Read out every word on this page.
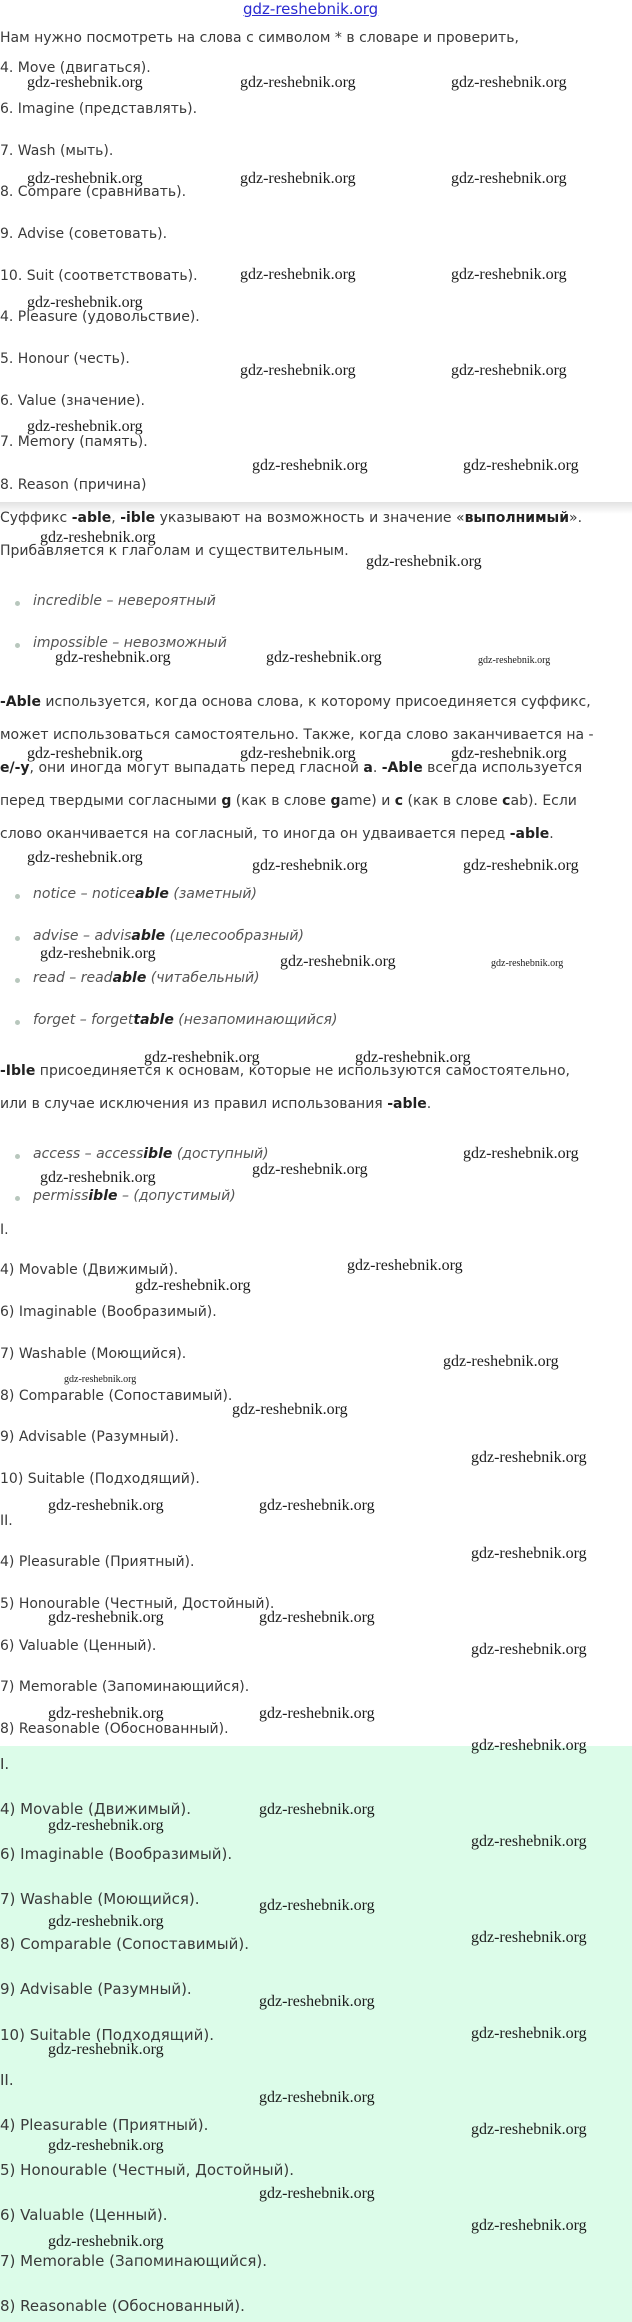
gdz-reshebnik.org
Нам нужно посмотреть на слова с символом * в словаре и проверить,
4. Move (двигаться).
6. Imagine (представлять).
7. Wash (мыть).
8. Compare (сравнивать).
9. Advise (советовать).
10. Suit (соответствовать).
4. Pleasure (удовольствие).
5. Honour (честь).
6. Value (значение).
7. Memory (память).
8. Reason (причина)
Суффикс -able, -ible указывают на возможность и значение «выполнимый».
Прибавляется к глаголам и существительным.
incredible – невероятный
impossible – невозможный
-Able используется, когда основа слова, к которому присоединяется суффикс,
может использоваться самостоятельно. Также, когда слово заканчивается на -
e/-y, они иногда могут выпадать перед гласной a. -Able всегда используется
перед твердыми согласными g (как в слове game) и c (как в слове cab). Если
слово оканчивается на согласный, то иногда он удваивается перед -able.
notice – noticeable (заметный)
advise – advisable (целесообразный)
read – readable (читабельный)
forget – forgettable (незапоминающийся)
-Ible присоединяется к основам, которые не используются самостоятельно,
или в случае исключения из правил использования -able.
access – accessible (доступный)
permissible – (допустимый)
I.
4) Movable (Движимый).
6) Imaginable (Вообразимый).
7) Washable (Моющийся).
8) Comparable (Сопоставимый).
9) Advisable (Разумный).
10) Suitable (Подходящий).
II.
4) Pleasurable (Приятный).
5) Honourable (Честный, Достойный).
6) Valuable (Ценный).
7) Memorable (Запоминающийся).
8) Reasonable (Обоснованный).
I.
4) Movable (Движимый).
6) Imaginable (Вообразимый).
7) Washable (Моющийся).
8) Comparable (Сопоставимый).
9) Advisable (Разумный).
10) Suitable (Подходящий).
II.
4) Pleasurable (Приятный).
5) Honourable (Честный, Достойный).
6) Valuable (Ценный).
7) Memorable (Запоминающийся).
8) Reasonable (Обоснованный).
gdz-reshebnik.org	gdz-reshebnik.org	gdz-reshebnik.org
gdz-reshebnik.org	gdz-reshebnik.org	gdz-reshebnik.org
gdz-reshebnik.org	gdz-reshebnik.org
gdz-reshebnik.org
gdz-reshebnik.org	gdz-reshebnik.org
gdz-reshebnik.org
gdz-reshebnik.org	gdz-reshebnik.org
gdz-reshebnik.org
gdz-reshebnik.org
gdz-reshebnik.org	gdz-reshebnik.org	gdz-reshebnik.org
gdz-reshebnik.org	gdz-reshebnik.org	gdz-reshebnik.org
gdz-reshebnik.org	gdz-reshebnik.org	gdz-reshebnik.org
gdz-reshebnik.org	gdz-reshebnik.org	gdz-reshebnik.org
gdz-reshebnik.org	gdz-reshebnik.org
gdz-reshebnik.org
gdz-reshebnik.org	gdz-reshebnik.org
gdz-reshebnik.org
gdz-reshebnik.org
gdz-reshebnik.org
gdz-reshebnik.org
gdz-reshebnik.org
gdz-reshebnik.org
gdz-reshebnik.org	gdz-reshebnik.org
gdz-reshebnik.org
gdz-reshebnik.org	gdz-reshebnik.org
gdz-reshebnik.org
gdz-reshebnik.org	gdz-reshebnik.org
gdz-reshebnik.org
gdz-reshebnik.org
gdz-reshebnik.org
gdz-reshebnik.org
gdz-reshebnik.org
gdz-reshebnik.org
gdz-reshebnik.org
gdz-reshebnik.org
gdz-reshebnik.org
gdz-reshebnik.org
gdz-reshebnik.org
gdz-reshebnik.org
gdz-reshebnik.org
gdz-reshebnik.org
gdz-reshebnik.org
gdz-reshebnik.org
